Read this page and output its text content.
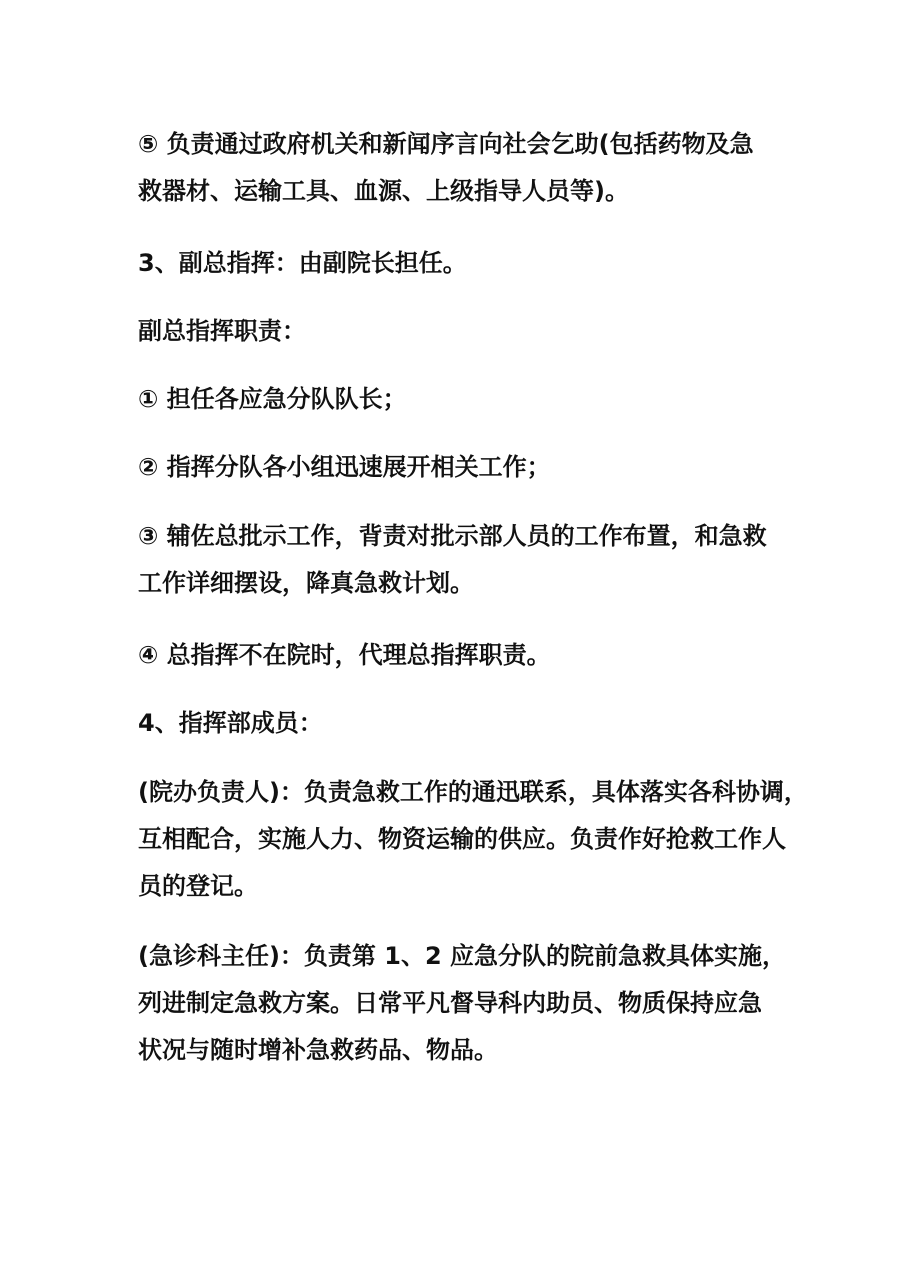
⑤ 负责通过政府机关和新闻序言向社会乞助(包括药物及急
救器材、运输工具、血源、上级指导人员等)。
3、副总指挥：由副院长担任。
副总指挥职责：
① 担任各应急分队队长；
② 指挥分队各小组迅速展开相关工作；
③ 辅佐总批示工作，背责对批示部人员的工作布置，和急救
工作详细摆设，降真急救计划。
④ 总指挥不在院时，代理总指挥职责。
4、指挥部成员：
(院办负责人)：负责急救工作的通迅联系，具体落实各科协调，
互相配合，实施人力、物资运输的供应。负责作好抢救工作人
员的登记。
(急诊科主任)：负责第 1、2 应急分队的院前急救具体实施，
列进制定急救方案。日常平凡督导科内助员、物质保持应急
状况与随时增补急救药品、物品。
